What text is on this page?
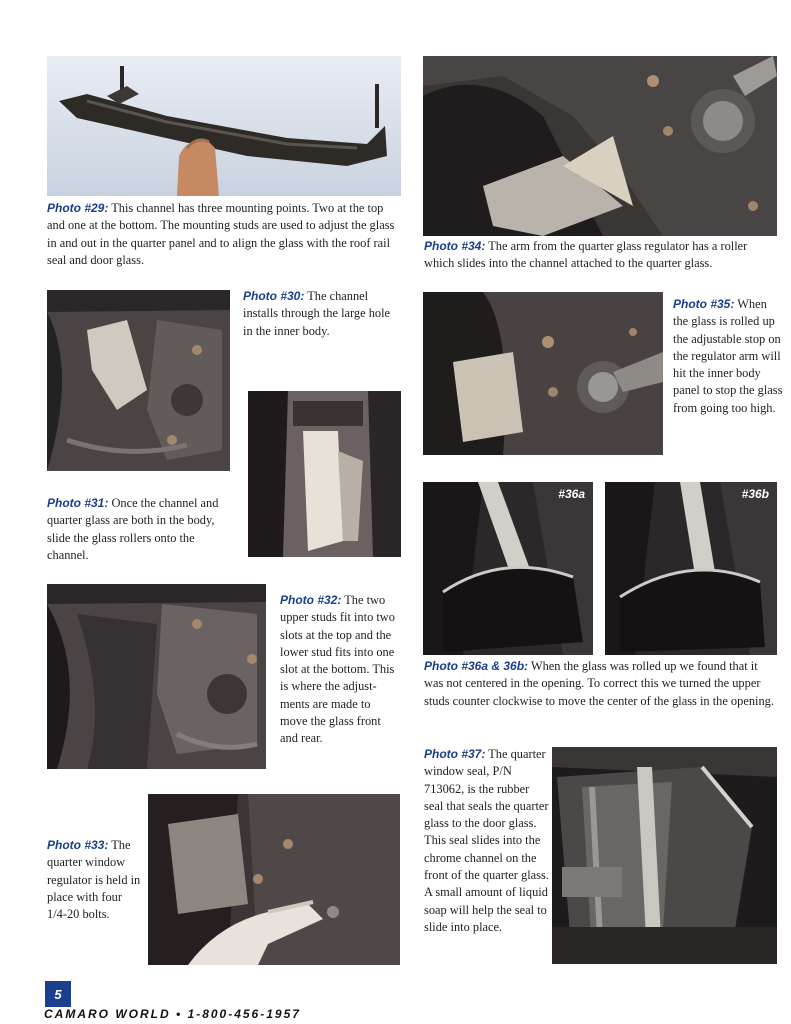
Photo #29: This channel has three mounting points. Two at the top and one at the bottom. The mounting studs are used to adjust the glass in and out in the quarter panel and to align the glass with the roof rail seal and door glass.
Photo #34: The arm from the quarter glass regulator has a roller which slides into the channel attached to the quarter glass.
Photo #30: The channel installs through the large hole in the inner body.
Photo #35: When the glass is rolled up the adjustable stop on the regulator arm will hit the inner body panel to stop the glass from going too high.
Photo #31: Once the channel and quarter glass are both in the body, slide the glass rollers onto the channel.
#36a	#36b
Photo #32: The two upper studs fit into two slots at the top and the lower stud fits into one slot at the bottom. This is where the adjust-ments are made to move the glass front and rear.
Photo #36a & 36b: When the glass was rolled up we found that it was not centered in the opening. To correct this we turned the upper studs counter clockwise to move the center of the glass in the opening.
Photo #37: The quarter window seal, P/N 713062, is the rubber seal that seals the quarter glass to the door glass. This seal slides into the chrome channel on the front of the quarter glass. A small amount of liquid soap will help the seal to slide into place.
Photo #33: The quarter window regulator is held in place with four 1/4-20 bolts.
5
CAMARO WORLD • 1-800-456-1957
